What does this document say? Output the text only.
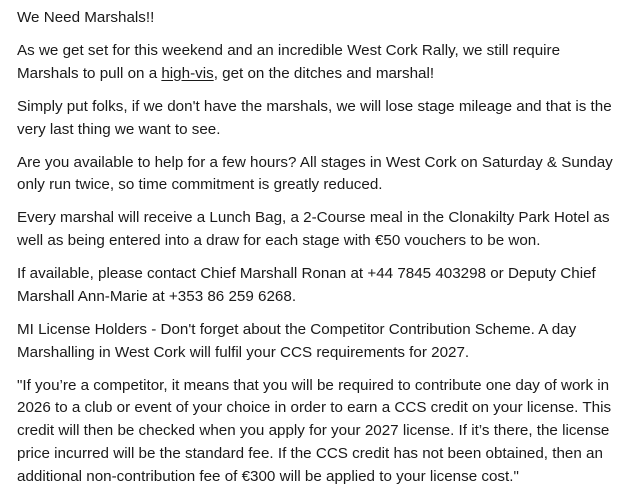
We Need Marshals!!

As we get set for this weekend and an incredible West Cork Rally, we still require Marshals to pull on a high-vis, get on the ditches and marshal!

Simply put folks, if we don't have the marshals, we will lose stage mileage and that is the very last thing we want to see.

Are you available to help for a few hours? All stages in West Cork on Saturday & Sunday only run twice, so time commitment is greatly reduced.

Every marshal will receive a Lunch Bag, a 2-Course meal in the Clonakilty Park Hotel as well as being entered into a draw for each stage with €50 vouchers to be won.

If available, please contact Chief Marshall Ronan at +44 7845 403298 or Deputy Chief Marshall Ann-Marie at +353 86 259 6268.

MI License Holders - Don't forget about the Competitor Contribution Scheme. A day Marshalling in West Cork will fulfil your CCS requirements for 2027.

"If you’re a competitor, it means that you will be required to contribute one day of work in 2026 to a club or event of your choice in order to earn a CCS credit on your license. This credit will then be checked when you apply for your 2027 license. If it’s there, the license price incurred will be the standard fee. If the CCS credit has not been obtained, then an additional non-contribution fee of €300 will be applied to your license cost."
